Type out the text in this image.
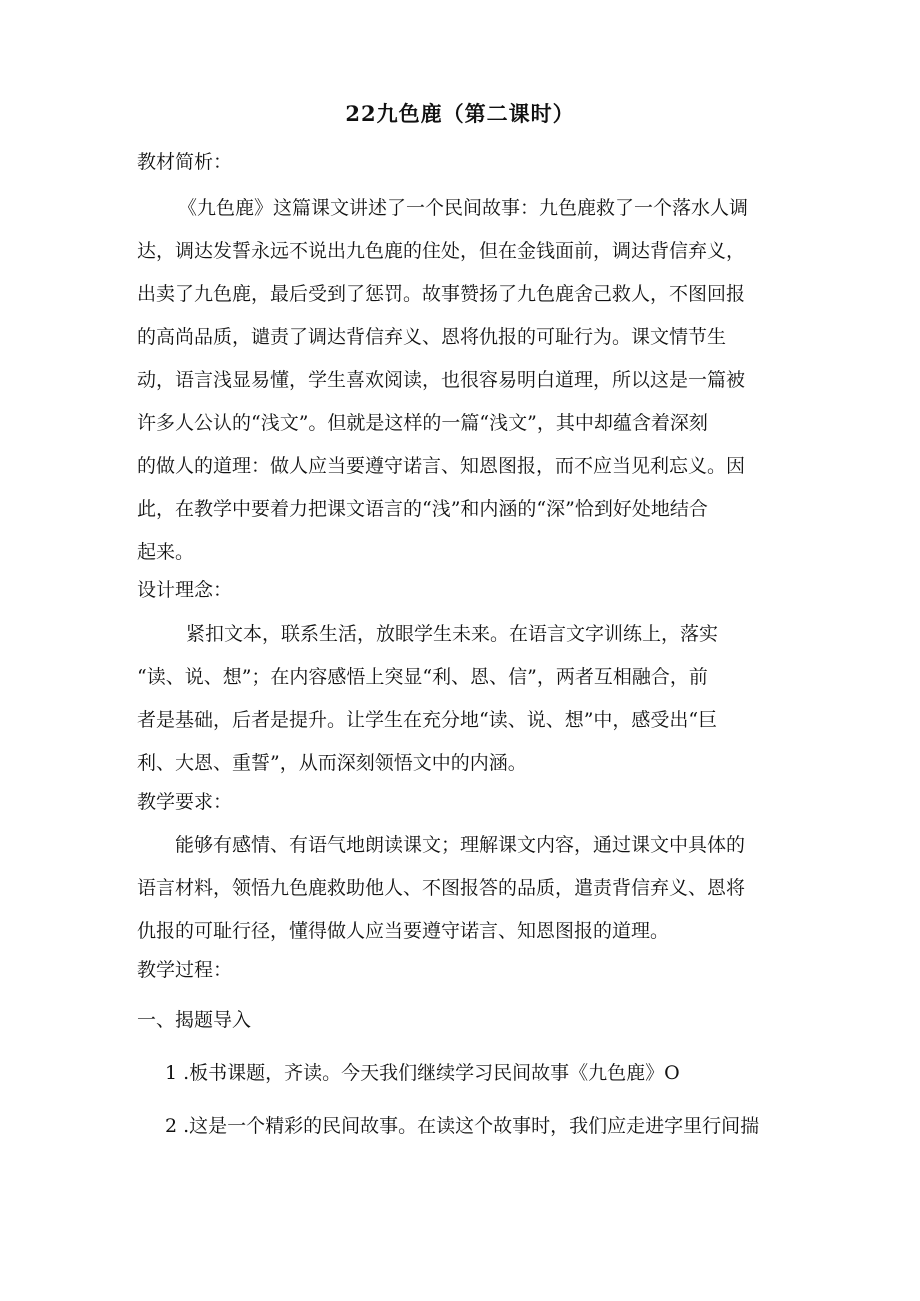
22九色鹿（第二课时）
教材简析：
《九色鹿》这篇课文讲述了一个民间故事：九色鹿救了一个落水人调
达，调达发誓永远不说出九色鹿的住处，但在金钱面前，调达背信弃义，
出卖了九色鹿，最后受到了惩罚。故事赞扬了九色鹿舍己救人，不图回报
的高尚品质，谴责了调达背信弃义、恩将仇报的可耻行为。课文情节生
动，语言浅显易懂，学生喜欢阅读，也很容易明白道理，所以这是一篇被
许多人公认的“浅文”。但就是这样的一篇“浅文”，其中却蕴含着深刻
的做人的道理：做人应当要遵守诺言、知恩图报，而不应当见利忘义。因
此，在教学中要着力把课文语言的“浅”和内涵的“深”恰到好处地结合
起来。
设计理念：
紧扣文本，联系生活，放眼学生未来。在语言文字训练上，落实
“读、说、想”；在内容感悟上突显“利、恩、信”，两者互相融合，前
者是基础，后者是提升。让学生在充分地“读、说、想”中，感受出“巨
利、大恩、重誓”，从而深刻领悟文中的内涵。
教学要求：
能够有感情、有语气地朗读课文；理解课文内容，通过课文中具体的
语言材料，领悟九色鹿救助他人、不图报答的品质，遣责背信弃义、恩将
仇报的可耻行径，懂得做人应当要遵守诺言、知恩图报的道理。
教学过程：
一、揭题导入
1 .板书课题，齐读。今天我们继续学习民间故事《九色鹿》O
2 .这是一个精彩的民间故事。在读这个故事时，我们应走进字里行间揣
